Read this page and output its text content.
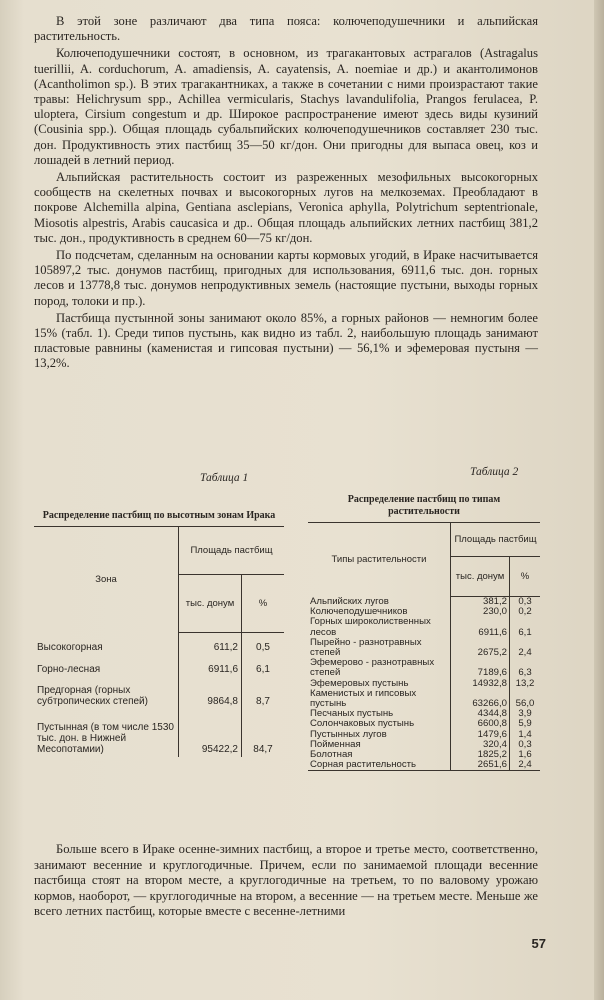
В этой зоне различают два типа пояса: колючеподушечники и альпийская растительность.

Колючеподушечники состоят, в основном, из трагакантовых астрагалов (Astragalus tuerillii, A. corduchorum, A. amadiensis, A. cayatensis, A. noemiae и др.) и акантолимонов (Acantholimon sp.). В этих трагакантниках, а также в сочетании с ними произрастают такие травы: Helichrysum spp., Achillea vermicularis, Stachys lavandulifolia, Prangos ferulacea, P. uloptera, Cirsium congestum и др. Широкое распространение имеют здесь виды кузиний (Cousinia spp.). Общая площадь субальпийских колючеподушечников составляет 230 тыс. дон. Продуктивность этих пастбищ 35—50 кг/дон. Они пригодны для выпаса овец, коз и лошадей в летний период.

Альпийская растительность состоит из разреженных мезофильных высокогорных сообществ на скелетных почвах и высокогорных лугов на мелкоземах. Преобладают в покрове Alchemilla alpina, Gentiana asclepians, Veronica aphylla, Polytrichum septentrionale, Miosotis alpestris, Arabis caucasica и др.. Общая площадь альпийских летних пастбищ 381,2 тыс. дон., продуктивность в среднем 60—75 кг/дон.

По подсчетам, сделанным на основании карты кормовых угодий, в Ираке насчитывается 105897,2 тыс. донумов пастбищ, пригодных для использования, 6911,6 тыс. дон. горных лесов и 13778,8 тыс. донумов непродуктивных земель (настоящие пустыни, выходы горных пород, толоки и пр.).

Пастбища пустынной зоны занимают около 85%, а горных районов — немногим более 15% (табл. 1). Среди типов пустынь, как видно из табл. 2, наибольшую площадь занимают пластовые равнины (каменистая и гипсовая пустыни) — 56,1% и эфемеровая пустыня — 13,2%.

Таблица 1	Таблица 2
Распределение пастбищ по высотным зонам Ирака
Зона	Площадь пастбищ	
	тыс. донум	%
Высокогорная	611,2	0,5
Горно-лесная	6911,6	6,1
Предгорная (горных субтропических степей)	9864,8	8,7
Пустынная (в том числе 1530 тыс. дон. в Нижней Месопотамии)	95422,2	84,7
Распределение пастбищ по типам растительности
Типы растительности	Площадь пастбищ	
	тыс. донум	%
Альпийских лугов	381,2	0,3
Колючеподушечников	230,0	0,2
Горных широколиственных лесов	6911,6	6,1
Пырейно - разнотравных степей	2675,2	2,4
Эфемерово - разнотравных степей	7189,6	6,3
Эфемеровых пустынь	14932,8	13,2
Каменистых и гипсовых пустынь	63266,0	56,0
Песчаных пустынь	4344,8	3,9
Солончаковых пустынь	6600,8	5,9
Пустынных лугов	1479,6	1,4
Пойменная	320,4	0,3
Болотная	1825,2	1,6
Сорная растительность	2651,6	2,4

Больше всего в Ираке осенне-зимних пастбищ, а второе и третье место, соответственно, занимают весенние и круглогодичные. Причем, если по занимаемой площади весенние пастбища стоят на втором месте, а круглогодичные на третьем, то по валовому урожаю кормов, наоборот, — круглогодичные на втором, а весенние — на третьем месте. Меньше же всего летних пастбищ, которые вместе с весенне-летними

57
